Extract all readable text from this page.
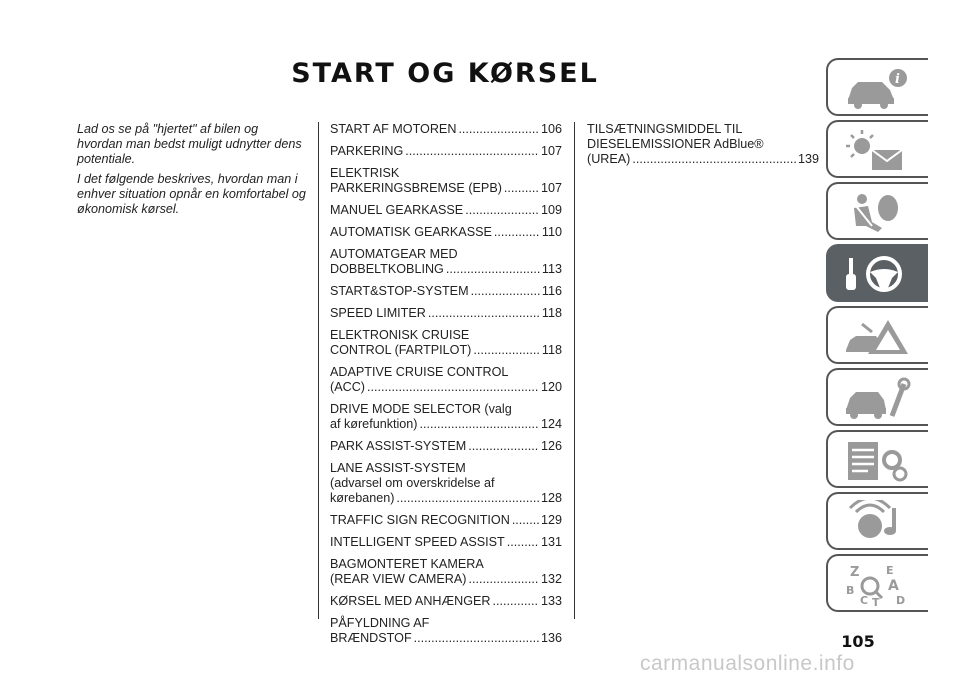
START OG KØRSEL

Lad os se på "hjertet" af bilen og hvordan man bedst muligt udnytter dens potentiale.

I det følgende beskrives, hvordan man i enhver situation opnår en komfortabel og økonomisk kørsel.

START AF MOTOREN .....	106
PARKERING .....	107
ELEKTRISK
PARKERINGSBREMSE (EPB) .....	107
MANUEL GEARKASSE .....	109
AUTOMATISK GEARKASSE .....	110
AUTOMATGEAR MED
DOBBELTKOBLING .....	113
START&STOP-SYSTEM .....	116
SPEED LIMITER .....	118
ELEKTRONISK CRUISE
CONTROL (FARTPILOT) .....	118
ADAPTIVE CRUISE CONTROL
(ACC) .....	120
DRIVE MODE SELECTOR (valg
af kørefunktion) .....	124
PARK ASSIST-SYSTEM .....	126
LANE ASSIST-SYSTEM
(advarsel om overskridelse af
kørebanen) .....	128
TRAFFIC SIGN RECOGNITION ..... 129
INTELLIGENT SPEED ASSIST .....	131
BAGMONTERET KAMERA
(REAR VIEW CAMERA) .....	132
KØRSEL MED ANHÆNGER .....	133
PÅFYLDNING AF
BRÆNDSTOF .....	136
TILSÆTNINGSMIDDEL TIL
DIESELEMISSIONER AdBlue®
(UREA) .....	139
i
Z E
B
C T
A
D
105
carmanualsonline.info
